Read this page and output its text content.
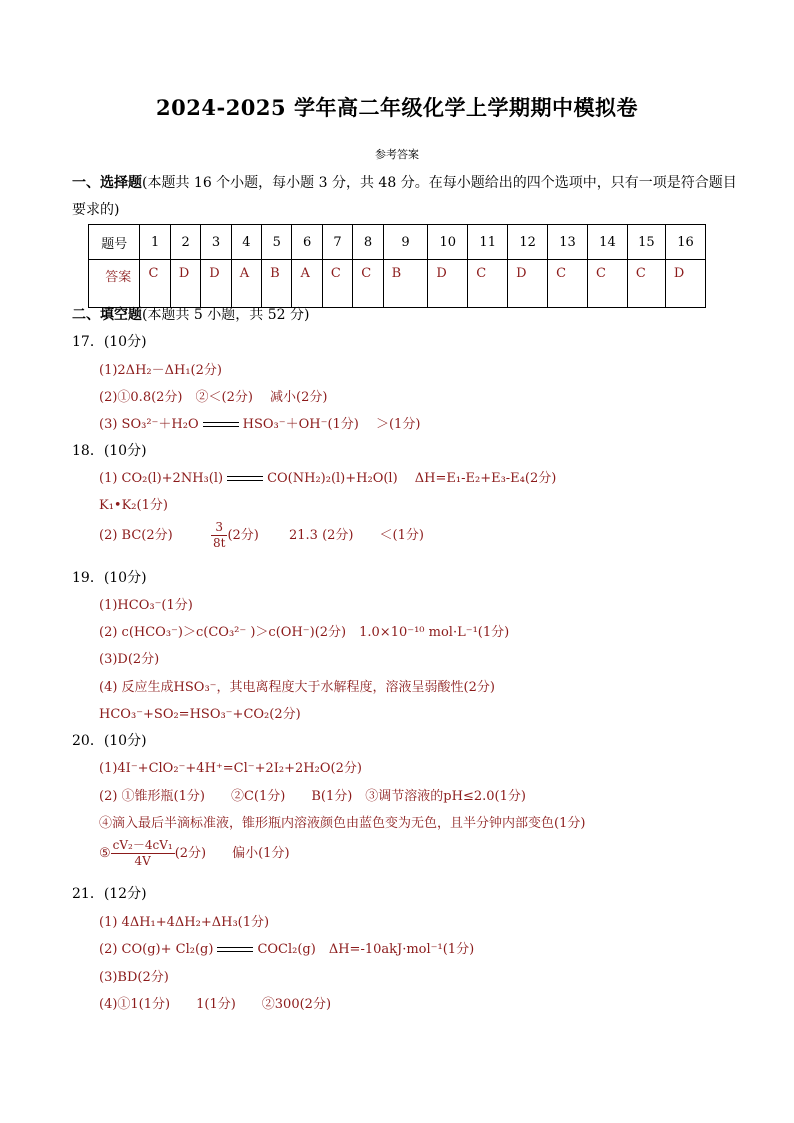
2024-2025 学年高二年级化学上学期期中模拟卷
参考答案
一、选择题(本题共 16 个小题，每小题 3 分，共 48 分。在每小题给出的四个选项中，只有一项是符合题目
要求的)
题号	1	2	3	4	5	6	7	8	9	10	11	12	13	14	15	16
答案	C	D	D	A	B	A	C	C	B	D	C	D	C	C	C	D
二、填空题(本题共 5 小题，共 52 分)
17．(10分)
(1)2ΔH₂－ΔH₁(2分)
(2)①0.8(2分)　②＜(2分)　 减小(2分)
(3) SO₃²⁻＋H₂O	HSO₃⁻＋OH⁻(1分)　 ＞(1分)
18．(10分)
(1) CO₂(l)+2NH₃(l)	CO(NH₂)₂(l)+H₂O(l)　 ΔH=E₁-E₂+E₃-E₄(2分)
K₁•K₂(1分)
(2) BC(2分)	$\frac{3}{8t} (2$分)　　 21.3 (2分)　　＜(1分)
19．(10分)
(1)HCO₃⁻(1分)
(2) c(HCO₃⁻)＞c(CO₃²⁻ )＞c(OH⁻)(2分)　1.0×10⁻¹⁰ mol·L⁻¹(1分)
(3)D(2分)
(4) 反应生成HSO₃⁻，其电离程度大于水解程度，溶液呈弱酸性(2分)
HCO₃⁻+SO₂=HSO₃⁻+CO₂(2分)
20．(10分)
(1)4I⁻+ClO₂⁻+4H⁺=Cl⁻+2I₂+2H₂O(2分)
(2) ①锥形瓶(1分)　　②C(1分)　　B(1分)　③调节溶液的pH≤2.0(1分)
④滴入最后半滴标准液，锥形瓶内溶液颜色由蓝色变为无色，且半分钟内部变色(1分)
⑤ $\frac{\text{cV₂－4cV₁}}{4V} (2$分)　　偏小(1分)
21．(12分)
(1) 4ΔH₁+4ΔH₂+ΔH₃(1分)
(2) CO(g)+ Cl₂(g)	COCl₂(g)　ΔH=-10akJ·mol⁻¹(1分)
(3)BD(2分)
(4)①1(1分)　　1(1分)　　②300(2分)
